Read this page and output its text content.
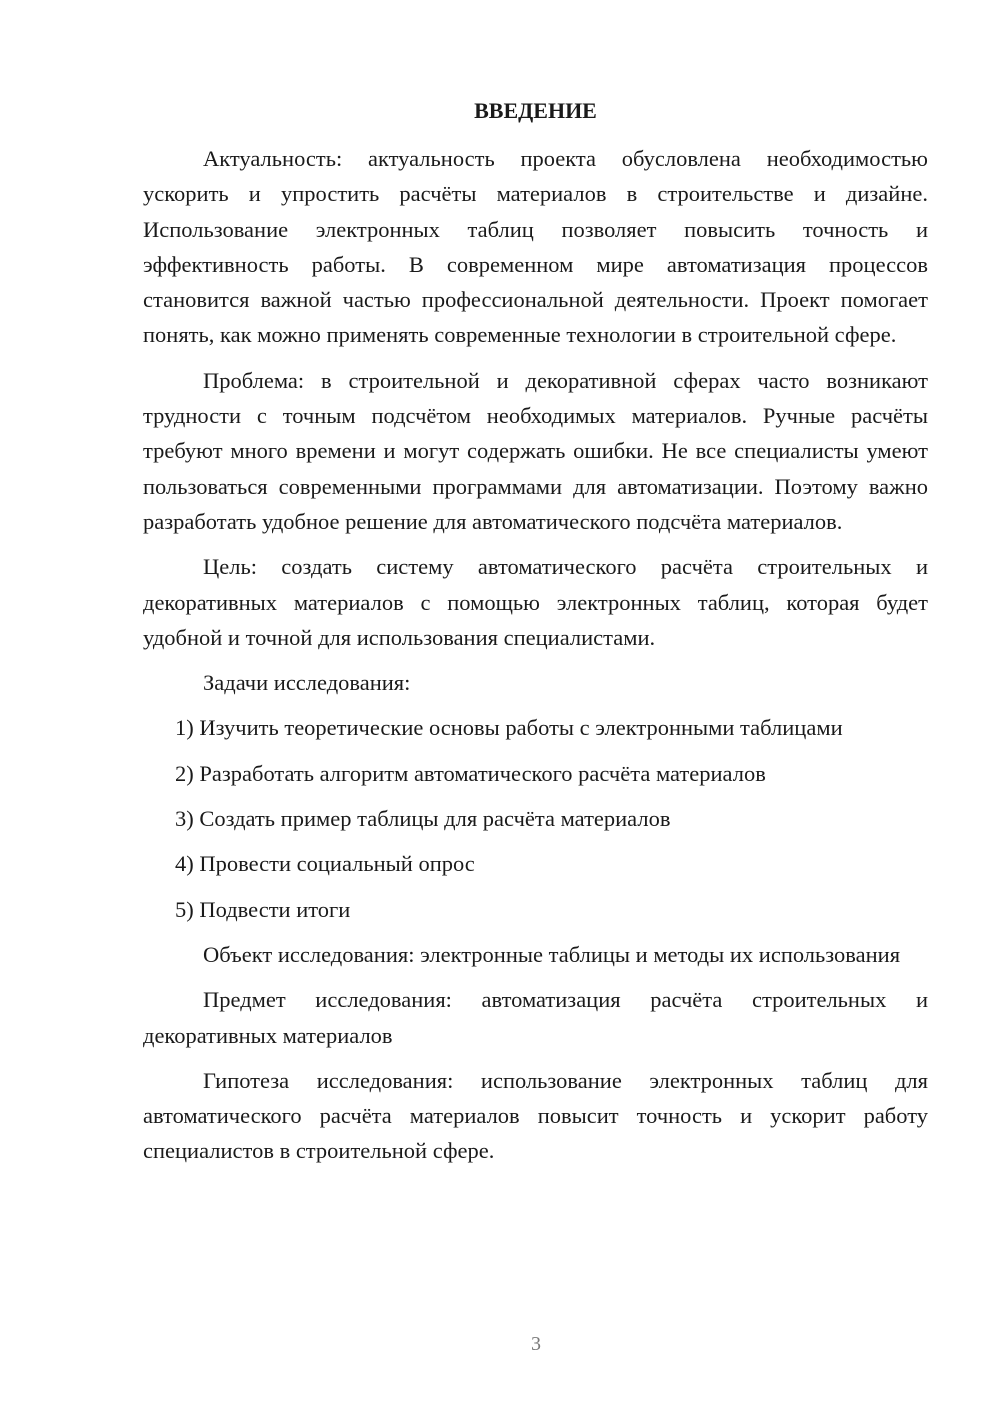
ВВЕДЕНИЕ

Актуальность: актуальность проекта обусловлена необходимостью ускорить и упростить расчёты материалов в строительстве и дизайне. Использование электронных таблиц позволяет повысить точность и эффективность работы. В современном мире автоматизация процессов становится важной частью профессиональной деятельности. Проект помогает понять, как можно применять современные технологии в строительной сфере.

Проблема: в строительной и декоративной сферах часто возникают трудности с точным подсчётом необходимых материалов. Ручные расчёты требуют много времени и могут содержать ошибки. Не все специалисты умеют пользоваться современными программами для автоматизации. Поэтому важно разработать удобное решение для автоматического подсчёта материалов.

Цель: создать систему автоматического расчёта строительных и декоративных материалов с помощью электронных таблиц, которая будет удобной и точной для использования специалистами.

Задачи исследования:

1) Изучить теоретические основы работы с электронными таблицами
2) Разработать алгоритм автоматического расчёта материалов
3) Создать пример таблицы для расчёта материалов
4) Провести социальный опрос
5) Подвести итоги

Объект исследования: электронные таблицы и методы их использования

Предмет исследования: автоматизация расчёта строительных и декоративных материалов

Гипотеза исследования: использование электронных таблиц для автоматического расчёта материалов повысит точность и ускорит работу специалистов в строительной сфере.

3
